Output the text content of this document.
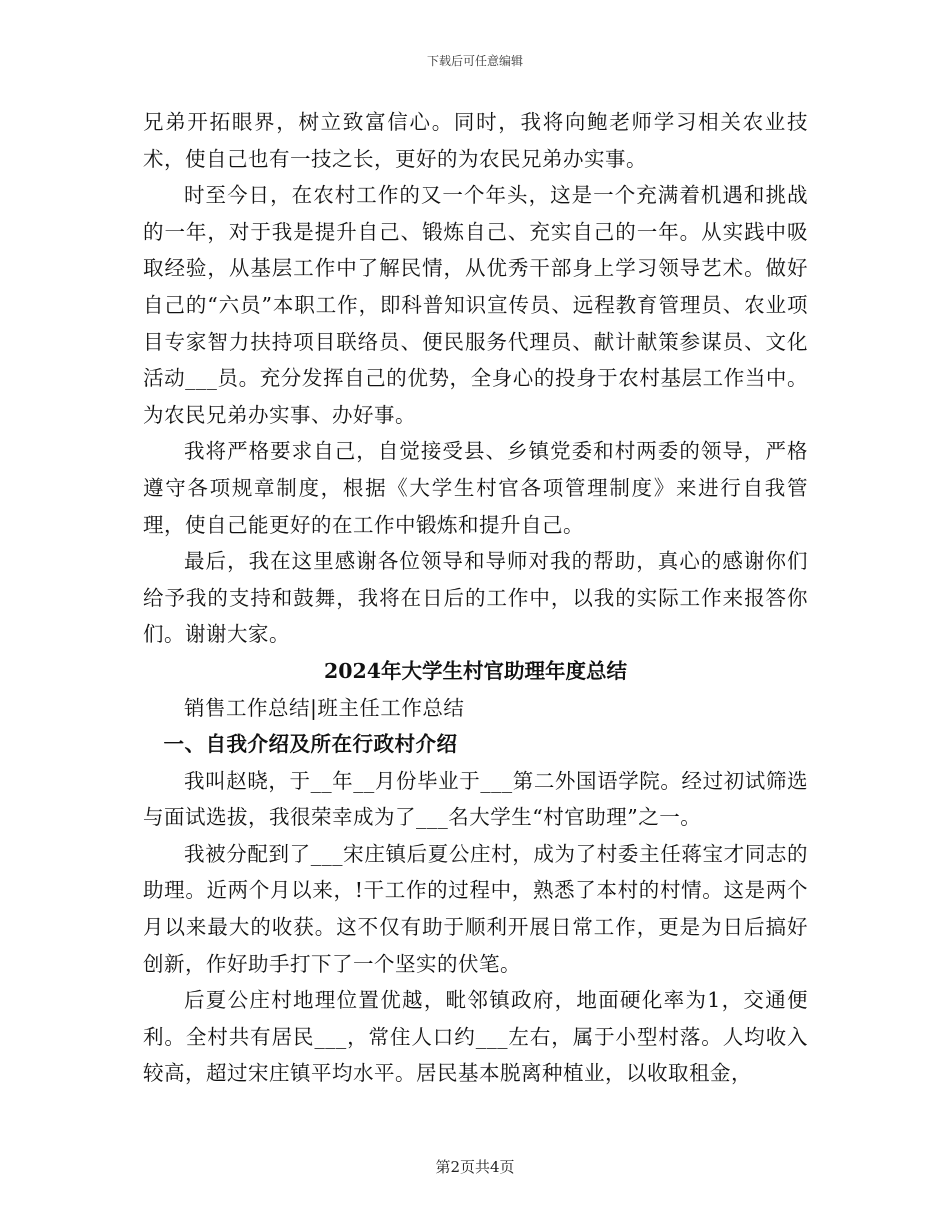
下载后可任意编辑

兄弟开拓眼界，树立致富信心。同时，我将向鲍老师学习相关农业技术，使自己也有一技之长，更好的为农民兄弟办实事。

时至今日，在农村工作的又一个年头，这是一个充满着机遇和挑战的一年，对于我是提升自己、锻炼自己、充实自己的一年。从实践中吸取经验，从基层工作中了解民情，从优秀干部身上学习领导艺术。做好自己的“六员”本职工作，即科普知识宣传员、远程教育管理员、农业项目专家智力扶持项目联络员、便民服务代理员、献计献策参谋员、文化活动___员。充分发挥自己的优势，全身心的投身于农村基层工作当中。为农民兄弟办实事、办好事。

我将严格要求自己，自觉接受县、乡镇党委和村两委的领导，严格遵守各项规章制度，根据《大学生村官各项管理制度》来进行自我管理，使自己能更好的在工作中锻炼和提升自己。

最后，我在这里感谢各位领导和导师对我的帮助，真心的感谢你们给予我的支持和鼓舞，我将在日后的工作中，以我的实际工作来报答你们。谢谢大家。

2024年大学生村官助理年度总结

销售工作总结|班主任工作总结

一、自我介绍及所在行政村介绍

我叫赵晓，于__年__月份毕业于___第二外国语学院。经过初试筛选与面试选拔，我很荣幸成为了___名大学生“村官助理”之一。

我被分配到了___宋庄镇后夏公庄村，成为了村委主任蒋宝才同志的助理。近两个月以来，!干工作的过程中，熟悉了本村的村情。这是两个月以来最大的收获。这不仅有助于顺利开展日常工作，更是为日后搞好创新，作好助手打下了一个坚实的伏笔。

后夏公庄村地理位置优越，毗邻镇政府，地面硬化率为1，交通便利。全村共有居民___，常住人口约___左右，属于小型村落。人均收入较高，超过宋庄镇平均水平。居民基本脱离种植业，以收取租金，

第2页共4页
